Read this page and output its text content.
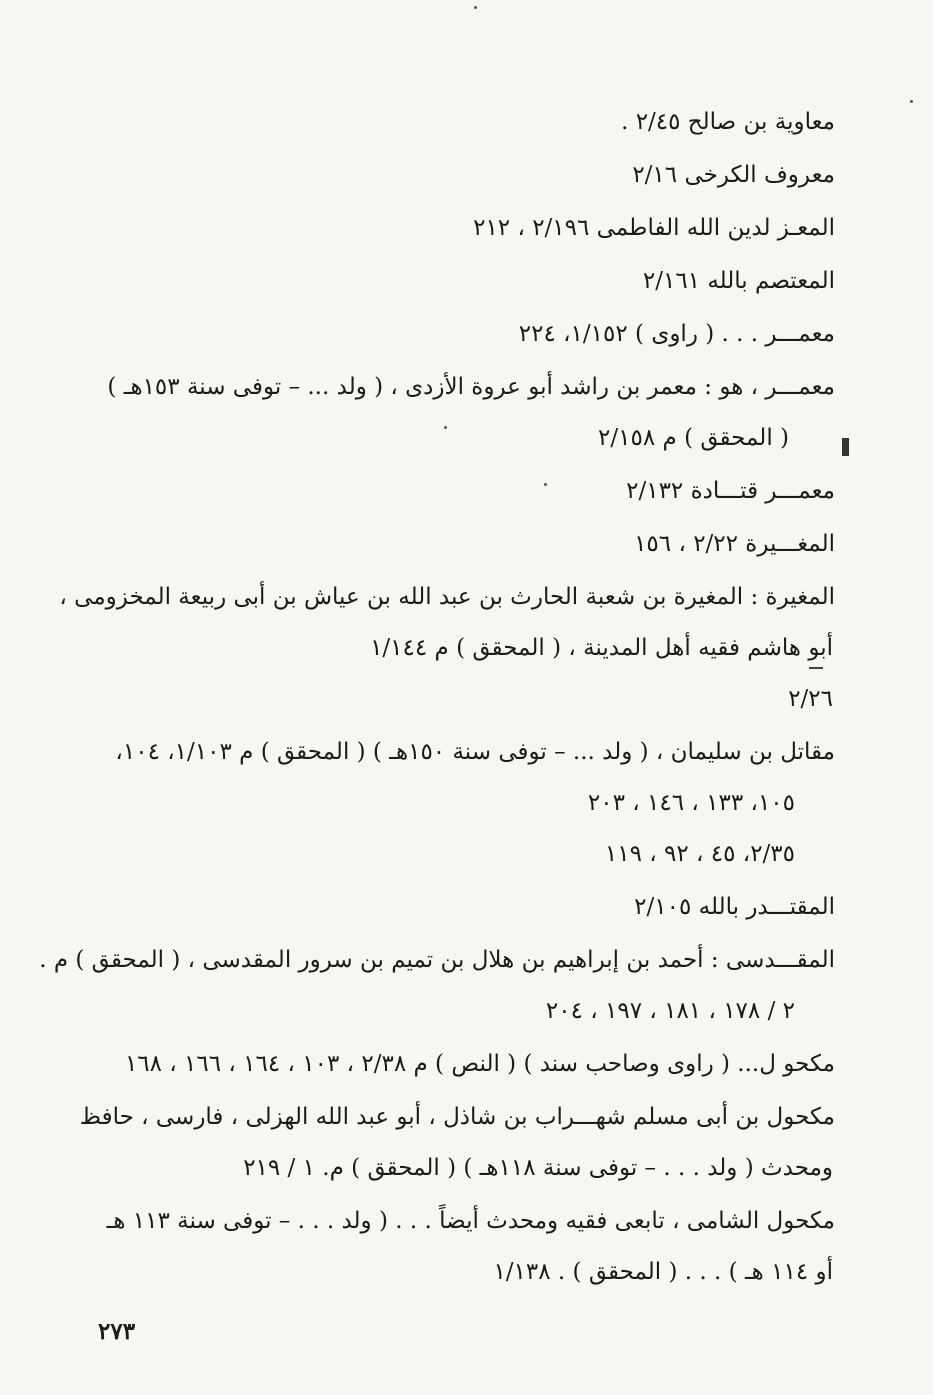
معاوية بن صالح ٢/٤٥ .

معروف الكرخى ٢/١٦

المعـز لدين الله الفاطمى ٢/١٩٦ ، ٢١٢

المعتصم بالله ٢/١٦١

معمـــر . . . ( راوى ) ١/١٥٢، ٢٢٤

معمـــر ، هو : معمر بن راشد أبو عروة الأزدى ، ( ولد ... – توفى سنة ١٥٣هـ )

( المحقق ) م ٢/١٥٨

معمـــر قتـــادة ٢/١٣٢

المغـــيرة ٢/٢٢ ، ١٥٦

المغيرة : المغيرة بن شعبة الحارث بن عبد الله بن عياش بن أبى ربيعة المخزومى ،

أبو هاشم فقيه أهل المدينة ، ( المحقق ) م ١/١٤٤

٢/٢٦

مقاتل بن سليمان ، ( ولد ... – توفى سنة ١٥٠هـ ) ( المحقق ) م ١/١٠٣، ١٠٤،

١٠٥، ١٣٣ ، ١٤٦ ، ٢٠٣

٢/٣٥، ٤٥ ، ٩٢ ، ١١٩

المقتـــدر بالله ٢/١٠٥

المقـــدسى : أحمد بن إبراهيم بن هلال بن تميم بن سرور المقدسى ، ( المحقق ) م .

٢ / ١٧٨ ، ١٨١ ، ١٩٧ ، ٢٠٤

مكحو ل... ( راوى وصاحب سند ) ( النص ) م ٢/٣٨ ، ١٠٣ ، ١٦٤ ، ١٦٦ ، ١٦٨

مكحول بن أبى مسلم شهـــراب بن شاذل ، أبو عبد الله الهزلى ، فارسى ، حافظ

ومحدث ( ولد . . . – توفى سنة ١١٨هـ ) ( المحقق ) م. ١ / ٢١٩

مكحول الشامى ، تابعى فقيه ومحدث أيضاً . . . ( ولد . . . – توفى سنة ١١٣ هـ

أو ١١٤ هـ ) . . . ( المحقق ) . ١/١٣٨

٢٧٣
